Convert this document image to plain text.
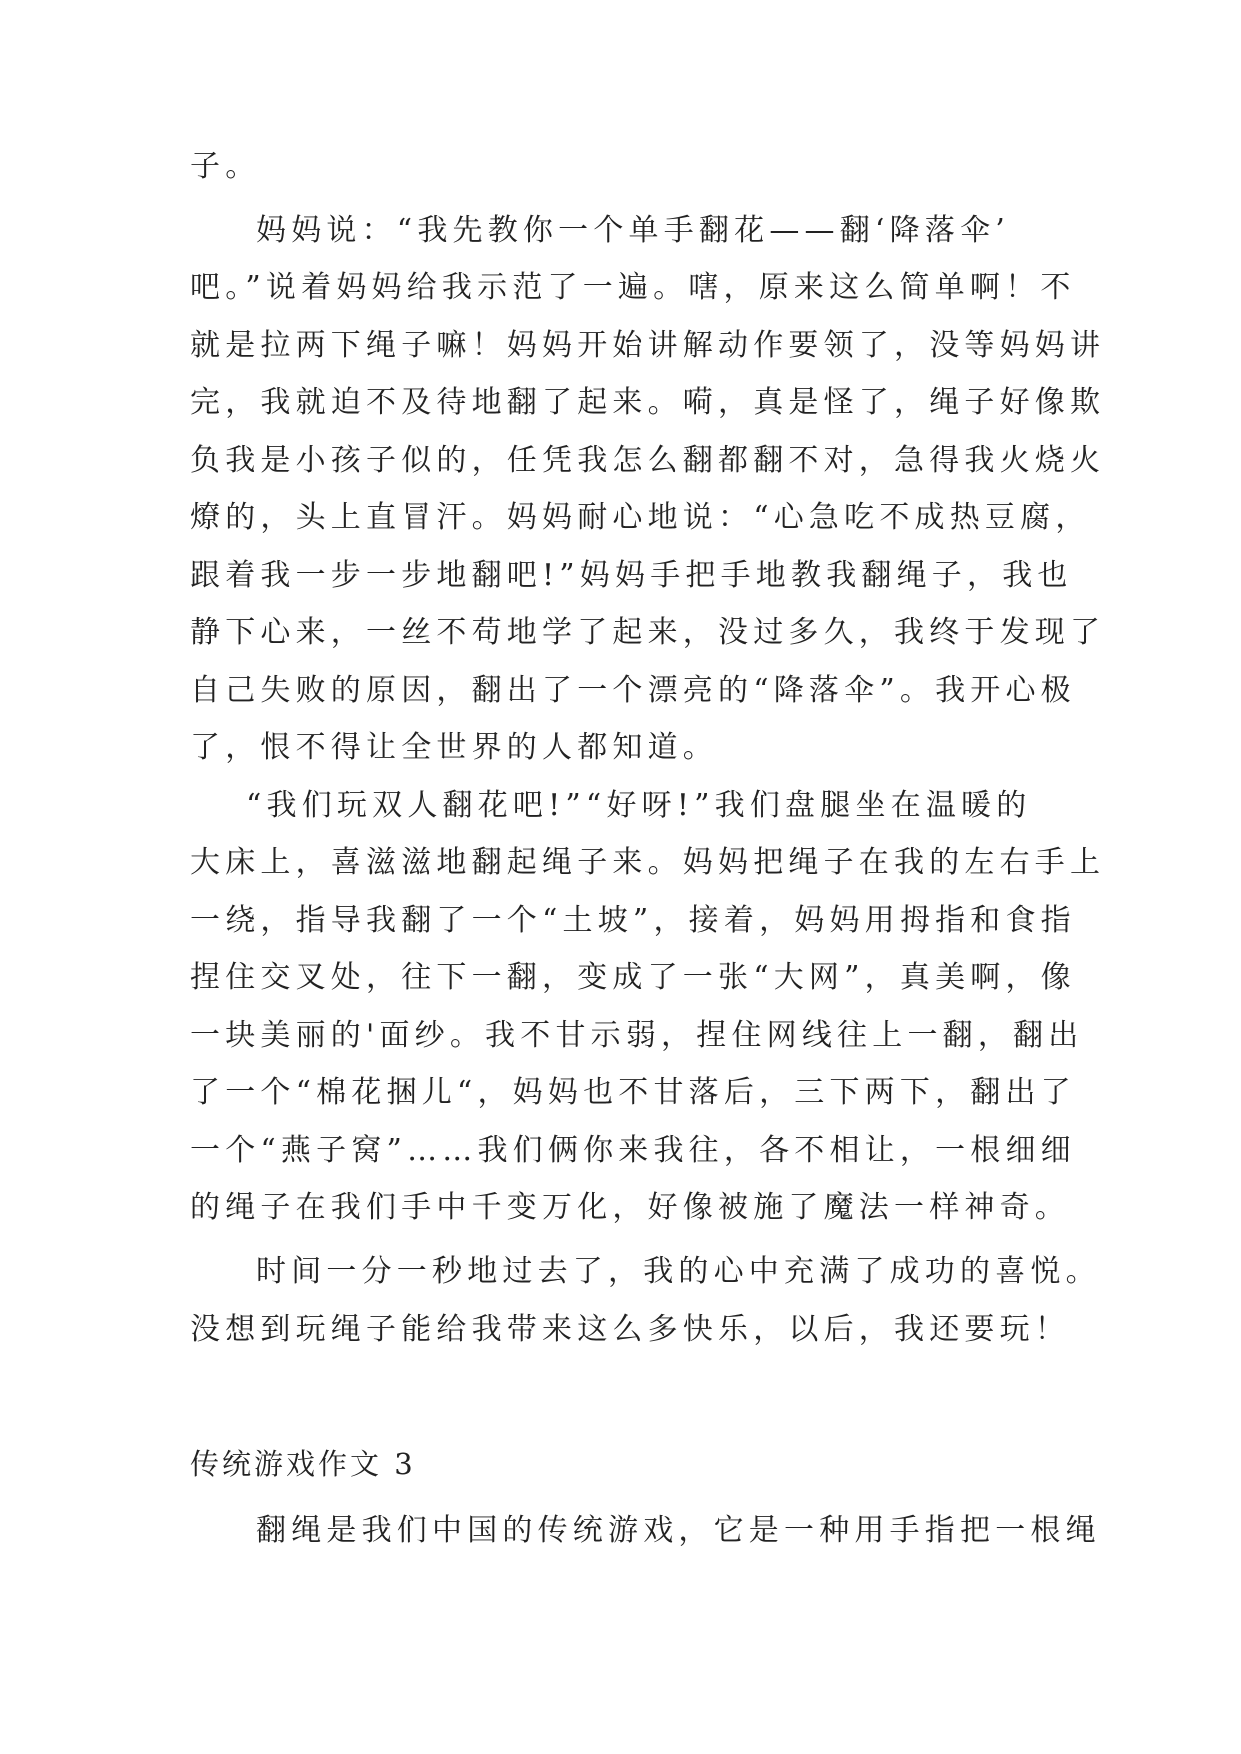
子。
妈妈说：“我先教你一个单手翻花——翻‘降落伞’
吧。”说着妈妈给我示范了一遍。嗐，原来这么简单啊！不
就是拉两下绳子嘛！妈妈开始讲解动作要领了，没等妈妈讲
完，我就迫不及待地翻了起来。嗬，真是怪了，绳子好像欺
负我是小孩子似的，任凭我怎么翻都翻不对，急得我火烧火
燎的，头上直冒汗。妈妈耐心地说：“心急吃不成热豆腐，
跟着我一步一步地翻吧!”妈妈手把手地教我翻绳子，我也
静下心来，一丝不苟地学了起来，没过多久，我终于发现了
自己失败的原因，翻出了一个漂亮的“降落伞”。我开心极
了，恨不得让全世界的人都知道。
“我们玩双人翻花吧!”“好呀!”我们盘腿坐在温暖的
大床上，喜滋滋地翻起绳子来。妈妈把绳子在我的左右手上
一绕，指导我翻了一个“土坡”，接着，妈妈用拇指和食指
捏住交叉处，往下一翻，变成了一张“大网”，真美啊，像
一块美丽的'面纱。我不甘示弱，捏住网线往上一翻，翻出
了一个“棉花捆儿“，妈妈也不甘落后，三下两下，翻出了
一个“燕子窝”……我们俩你来我往，各不相让，一根细细
的绳子在我们手中千变万化，好像被施了魔法一样神奇。
时间一分一秒地过去了，我的心中充满了成功的喜悦。
没想到玩绳子能给我带来这么多快乐，以后，我还要玩！
传统游戏作文 3
翻绳是我们中国的传统游戏，它是一种用手指把一根绳
